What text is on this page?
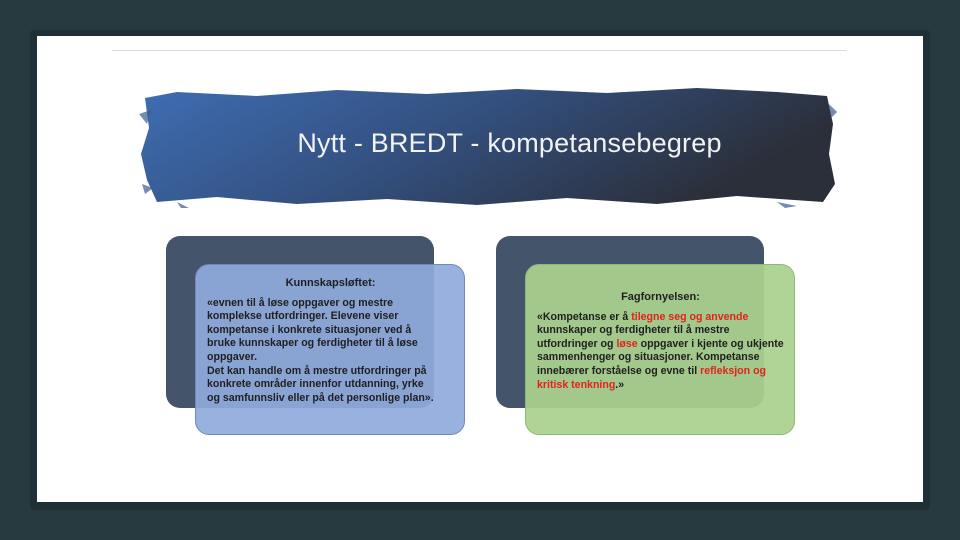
Nytt - BREDT - kompetansebegrep
Kunnskapsløftet:
«evnen til å løse oppgaver og mestre
komplekse utfordringer. Elevene viser
kompetanse i konkrete situasjoner ved å
bruke kunnskaper og ferdigheter til å løse
oppgaver.
Det kan handle om å mestre utfordringer på
konkrete områder innenfor utdanning, yrke
og samfunnsliv eller på det personlige plan».
Fagfornyelsen:
«Kompetanse er å tilegne seg og anvende kunnskaper og ferdigheter til å mestre utfordringer og løse oppgaver i kjente og ukjente sammenhenger og situasjoner. Kompetanse innebærer forståelse og evne til refleksjon og kritisk tenkning.»
